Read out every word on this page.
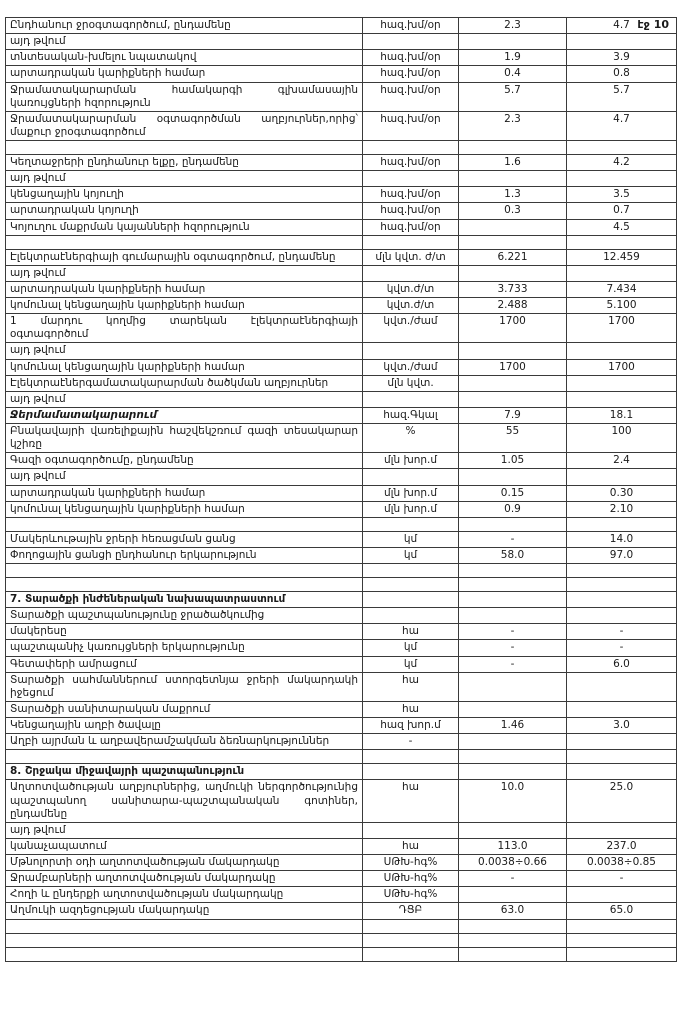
էջ 10
Ընդհանուր ջրօգտագործում, ընդամենը	հազ.խմ/օր	2.3	4.7
այդ թվում			
տնտեսական-խմելու նպատակով	հազ.խմ/օր	1.9	3.9
արտադրական կարիքների համար	հազ.խմ/օր	0.4	0.8
Ջրամատակարարման համակարգի գլխամասային կառույցների հզորություն	հազ.խմ/օր	5.7	5.7
Ջրամատակարարման օգտագործման աղբյուրներ,որից՝ մաքուր ջրօգտագործում	հազ.խմ/օր	2.3	4.7

Կեղտաջրերի ընդհանուր ելքը, ընդամենը	հազ.խմ/օր	1.6	4.2
այդ թվում			
կենցաղային կոյուղի	հազ.խմ/օր	1.3	3.5
արտադրական կոյուղի	հազ.խմ/օր	0.3	0.7
Կոյուղու մաքրման կայանների հզորություն	հազ.խմ/օր		4.5

Էլեկտրաէներգիայի գումարային օգտագործում, ընդամենը	մլն կվտ. ժ/տ	6.221	12.459
այդ թվում			
արտադրական կարիքների համար	կվտ.ժ/տ	3.733	7.434
կոմունալ կենցաղային կարիքների համար	կվտ.ժ/տ	2.488	5.100
1 մարդու կողմից տարեկան էլեկտրաէներգիայի օգտագործում	կվտ./ժամ	1700	1700
այդ թվում			
կոմունալ կենցաղային կարիքների համար	կվտ./ժամ	1700	1700
Էլեկտրաէներգամատակարարման ծածկման աղբյուրներ	մլն կվտ.		
այդ թվում			
Ջերմամատակարարում	հազ.Գկալ	7.9	18.1
Բնակավայրի վառելիքային հաշվեկշռում գազի տեսակարար կշիռը	%	55	100
Գազի օգտագործումը, ընդամենը	մլն խոր.մ	1.05	2.4
այդ թվում			
արտադրական կարիքների համար	մլն խոր.մ	0.15	0.30
կոմունալ կենցաղային կարիքների համար	մլն խոր.մ	0.9	2.10

Մակերևութային ջրերի հեռացման ցանց	կմ	-	14.0
Փողոցային ցանցի ընդհանուր երկարություն	կմ	58.0	97.0

7. Տարածքի ինժեներական նախապատրաստում			
Տարածքի պաշտպանությունը ջրածածկումից			
մակերեսը	հա	-	-
պաշտպանիչ կառույցների երկարությունը	կմ	-	-
Գետափերի ամրացում	կմ	-	6.0
Տարածքի սահմաններում ստորգետնյա ջրերի մակարդակի իջեցում	հա		
Տարածքի սանիտարական մաքրում	հա		
Կենցաղային աղբի ծավալը	հազ խոր.մ	1.46	3.0
Աղբի այրման և աղբավերամշակման ձեռնարկություններ	-		

8. Շրջակա միջավայրի պաշտպանություն			
Աղտոտվածության աղբյուրներից, աղմուկի ներգործությունից պաշտպանող սանիտարա-պաշտպանական գոտիներ, ընդամենը	հա	10.0	25.0
այդ թվում			
կանաչապատում	հա	113.0	237.0
Մթնոլորտի օդի աղտոտվածության մակարդակը	ՍԹԽ-հգ%	0.0038÷0.66	0.0038÷0.85
Ջրամբարների աղտոտվածության մակարդակը	ՍԹԽ-հգ%	-	-
Հողի և ընդերքի աղտոտվածության մակարդակը	ՍԹԽ-հգ%		
Աղմուկի ազդեցության մակարդակը	ԴՑԲ	63.0	65.0
